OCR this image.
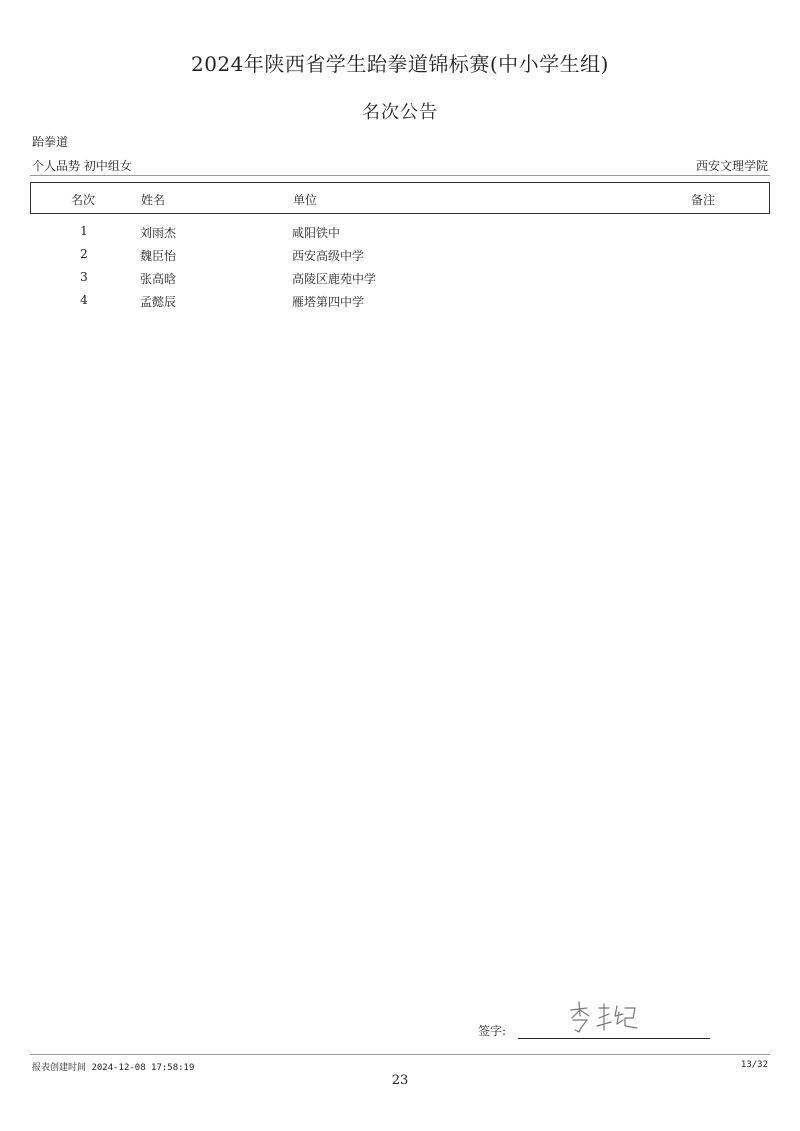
2024年陕西省学生跆拳道锦标赛(中小学生组)
名次公告
跆拳道
个人品势 初中组女	西安文理学院
名次	姓名	单位	备注
1	刘雨杰	咸阳铁中
2	魏臣怡	西安高级中学
3	张高晗	高陵区鹿苑中学
4	孟懿辰	雁塔第四中学
签字:
报表创建时间 2024-12-08 17:58:19	13/32
23
